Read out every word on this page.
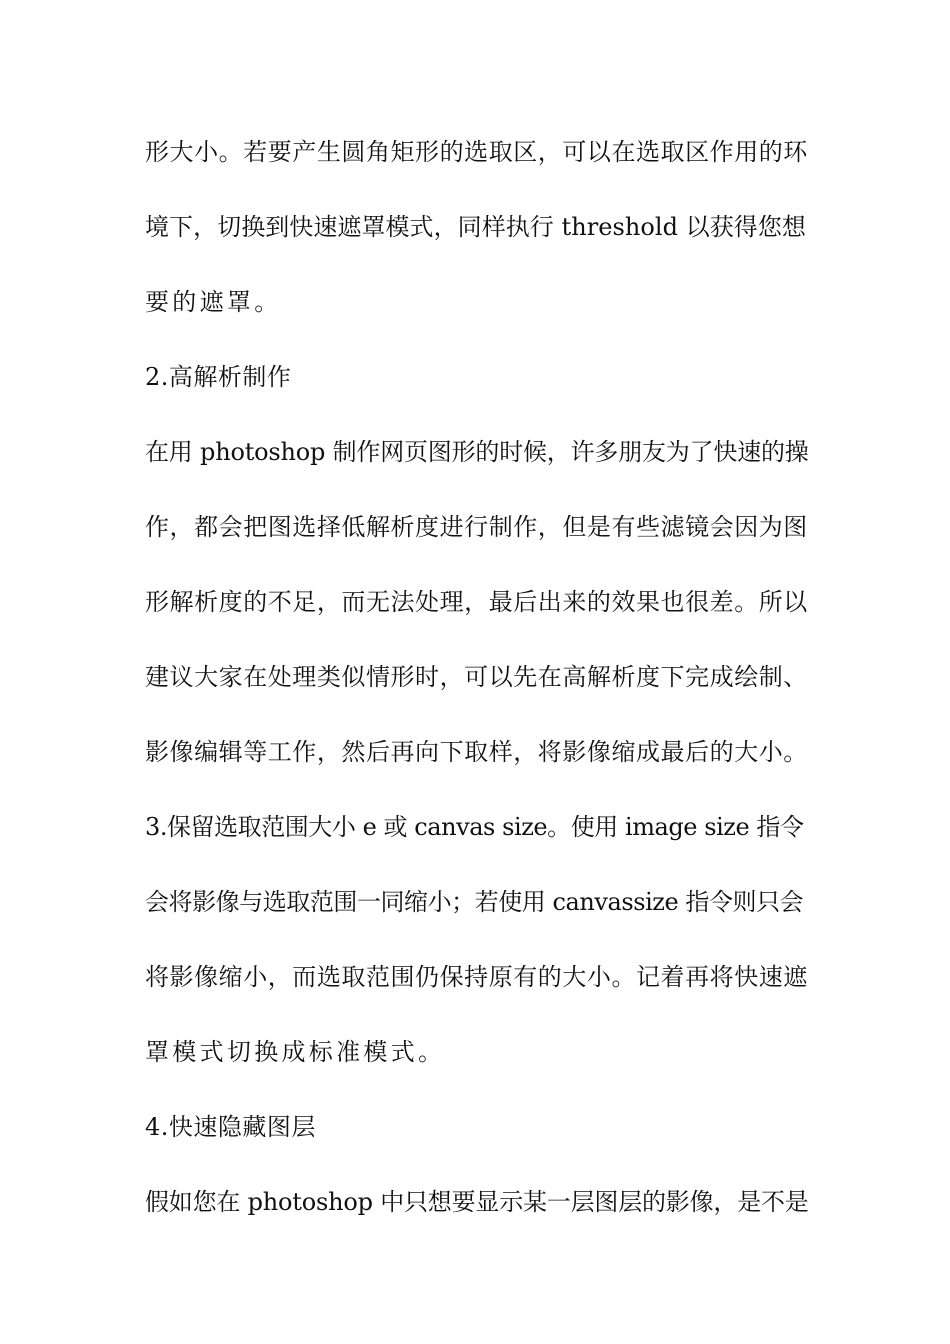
形大小。若要产生圆角矩形的选取区，可以在选取区作用的环
境下，切换到快速遮罩模式，同样执行 threshold 以获得您想
要的遮罩。
2.高解析制作
在用 photoshop 制作网页图形的时候，许多朋友为了快速的操
作，都会把图选择低解析度进行制作，但是有些滤镜会因为图
形解析度的不足，而无法处理，最后出来的效果也很差。所以
建议大家在处理类似情形时，可以先在高解析度下完成绘制、
影像编辑等工作，然后再向下取样，将影像缩成最后的大小。
3.保留选取范围大小 e 或 canvas size。使用 image size 指令
会将影像与选取范围一同缩小；若使用 canvassize 指令则只会
将影像缩小，而选取范围仍保持原有的大小。记着再将快速遮
罩模式切换成标准模式。
4.快速隐藏图层
假如您在 photoshop 中只想要显示某一层图层的影像，是不是
